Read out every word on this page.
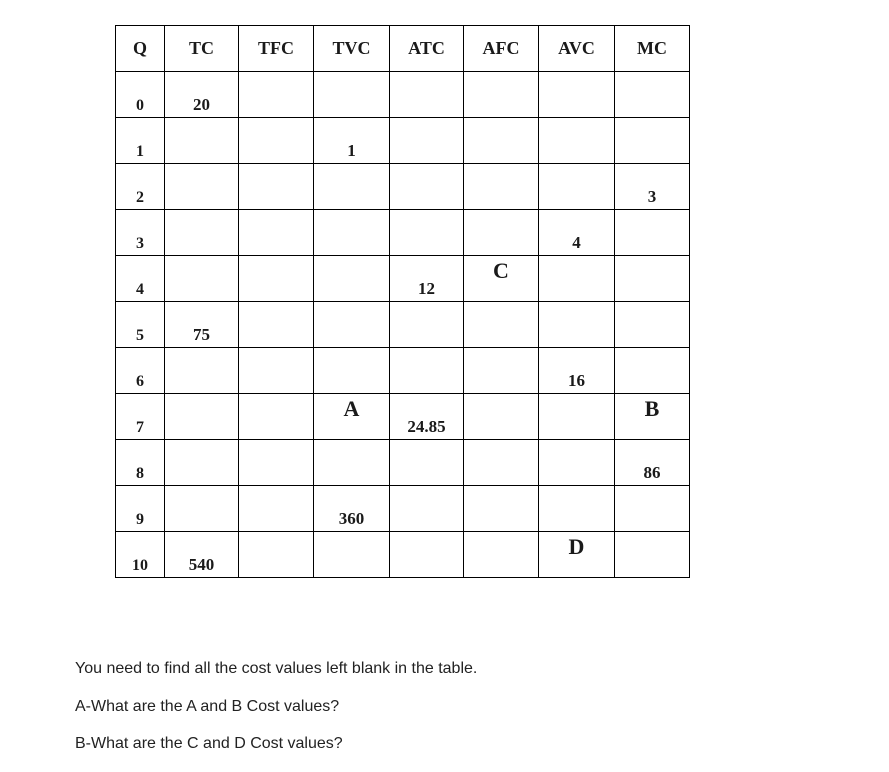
Q	TC	TFC	TVC	ATC	AFC	AVC	MC
0	20						
1			1				
2							3
3						4	
4				12	C		
5	75						
6						16	
7			A	24.85			B
8							86
9			360				
10	540					D	

You need to find all the cost values left blank in the table.

A-What are the A and B Cost values?

B-What are the C and D Cost values?
